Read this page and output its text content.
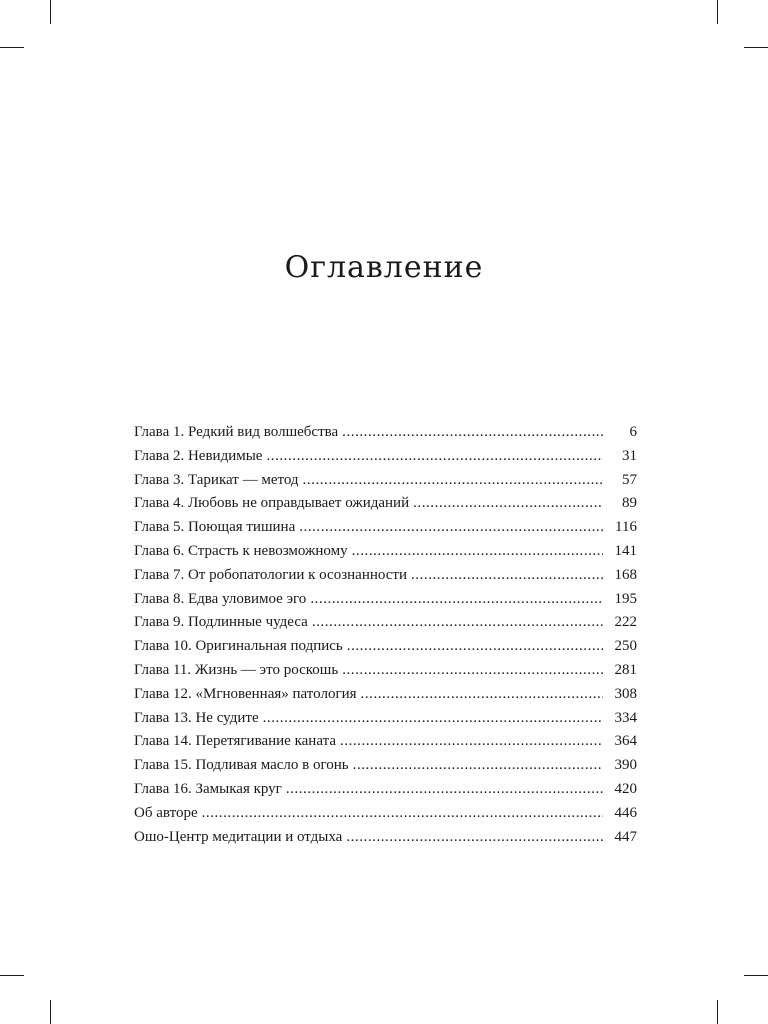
Оглавление
Глава 1. Редкий вид волшебства . . .	6
Глава 2. Невидимые . . .	31
Глава 3. Тарикат — метод . . .	57
Глава 4. Любовь не оправдывает ожиданий . . .	89
Глава 5. Поющая тишина . . .	116
Глава 6. Страсть к невозможному . . .	141
Глава 7. От робопатологии к осознанности . . .	168
Глава 8. Едва уловимое эго . . .	195
Глава 9. Подлинные чудеса . . .	222
Глава 10. Оригинальная подпись . . .	250
Глава 11. Жизнь — это роскошь . . .	281
Глава 12. «Мгновенная» патология . . .	308
Глава 13. Не судите . . .	334
Глава 14. Перетягивание каната . . .	364
Глава 15. Подливая масло в огонь . . .	390
Глава 16. Замыкая круг . . .	420
Об авторе . . .	446
Ошо-Центр медитации и отдыха . . .	447
